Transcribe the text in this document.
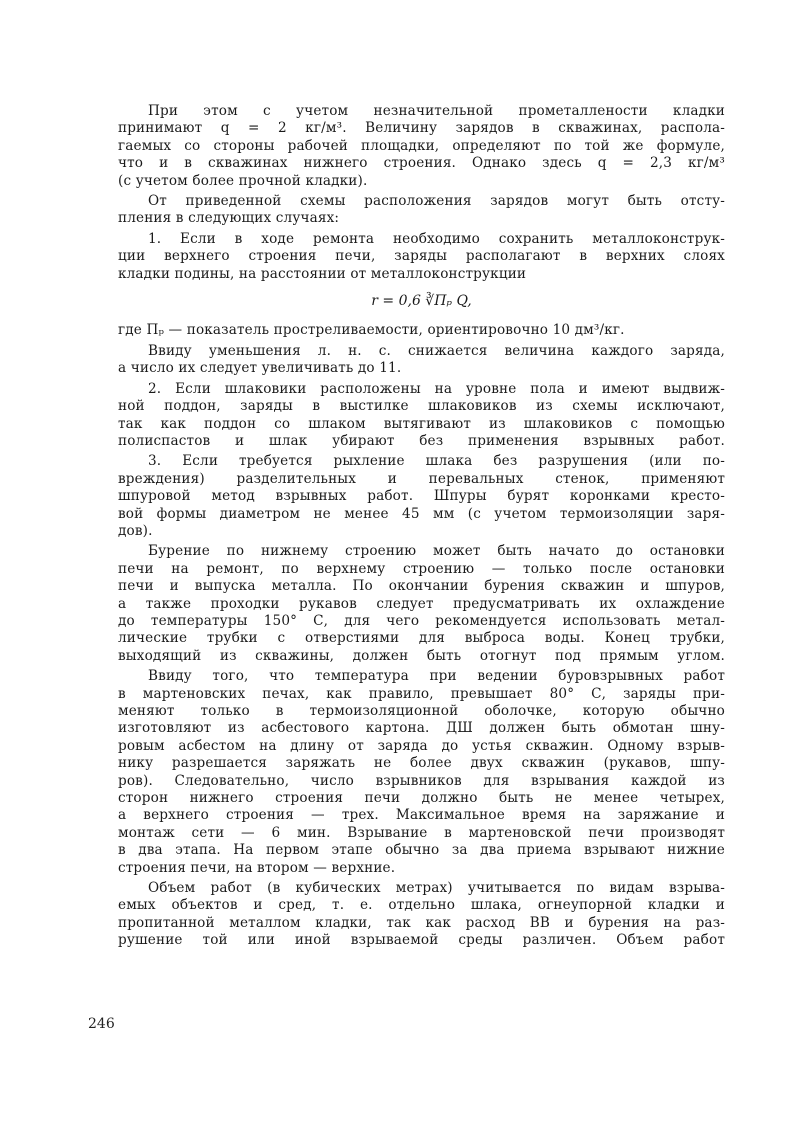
При этом с учетом незначительной прометаллености кладки
принимают q = 2 кг/м³. Величину зарядов в скважинах, распола-
гаемых со стороны рабочей площадки, определяют по той же формуле,
что и в скважинах нижнего строения. Однако здесь q = 2,3 кг/м³
(с учетом более прочной кладки).
От приведенной схемы расположения зарядов могут быть отсту-
пления в следующих случаях:
1. Если в ходе ремонта необходимо сохранить металлоконструк-
ции верхнего строения печи, заряды располагают в верхних слоях
кладки подины, на расстоянии от металлоконструкции
r = 0,6 ∛Пₚ Q,
где Пₚ — показатель простреливаемости, ориентировочно 10 дм³/кг.
Ввиду уменьшения л. н. с. снижается величина каждого заряда,
а число их следует увеличивать до 11.
2. Если шлаковики расположены на уровне пола и имеют выдвиж-
ной поддон, заряды в выстилке шлаковиков из схемы исключают,
так как поддон со шлаком вытягивают из шлаковиков с помощью
полиспастов и шлак убирают без применения взрывных работ.
3. Если требуется рыхление шлака без разрушения (или по-
вреждения) разделительных и перевальных стенок, применяют
шпуровой метод взрывных работ. Шпуры бурят коронками кресто-
вой формы диаметром не менее 45 мм (с учетом термоизоляции заря-
дов).
Бурение по нижнему строению может быть начато до остановки
печи на ремонт, по верхнему строению — только после остановки
печи и выпуска металла. По окончании бурения скважин и шпуров,
а также проходки рукавов следует предусматривать их охлаждение
до температуры 150° С, для чего рекомендуется использовать метал-
лические трубки с отверстиями для выброса воды. Конец трубки,
выходящий из скважины, должен быть отогнут под прямым углом.
Ввиду того, что температура при ведении буровзрывных работ
в мартеновских печах, как правило, превышает 80° С, заряды при-
меняют только в термоизоляционной оболочке, которую обычно
изготовляют из асбестового картона. ДШ должен быть обмотан шну-
ровым асбестом на длину от заряда до устья скважин. Одному взрыв-
нику разрешается заряжать не более двух скважин (рукавов, шпу-
ров). Следовательно, число взрывников для взрывания каждой из
сторон нижнего строения печи должно быть не менее четырех,
а верхнего строения — трех. Максимальное время на заряжание и
монтаж сети — 6 мин. Взрывание в мартеновской печи производят
в два этапа. На первом этапе обычно за два приема взрывают нижние
строения печи, на втором — верхние.
Объем работ (в кубических метрах) учитывается по видам взрыва-
емых объектов и сред, т. е. отдельно шлака, огнеупорной кладки и
пропитанной металлом кладки, так как расход ВВ и бурения на раз-
рушение той или иной взрываемой среды различен. Объем работ
246
